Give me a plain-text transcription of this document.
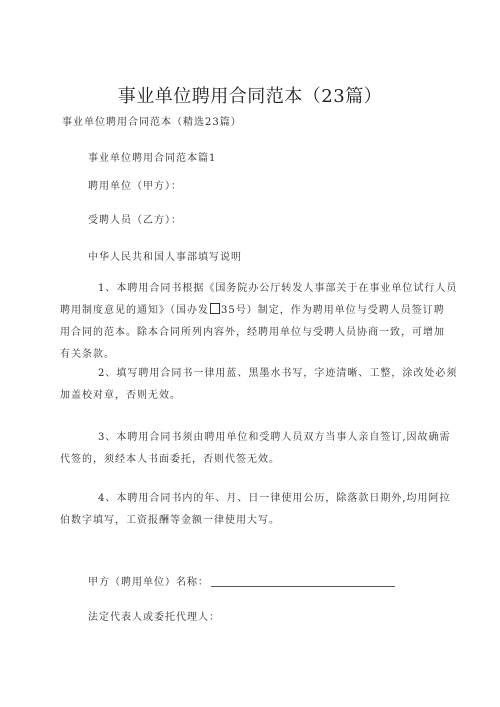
事业单位聘用合同范本（23篇）
事业单位聘用合同范本（精选23篇）
事业单位聘用合同范本篇1
聘用单位（甲方）：
受聘人员（乙方）：
中华人民共和国人事部填写说明
1、本聘用合同书根据《国务院办公厅转发人事部关于在事业单位试行人员
聘用制度意见的通知》（国办发 35号）制定，作为聘用单位与受聘人员签订聘
用合同的范本。除本合同所列内容外，经聘用单位与受聘人员协商一致，可增加
有关条款。
2、填写聘用合同书一律用蓝、黑墨水书写，字迹清晰、工整，涂改处必须
加盖校对章，否则无效。
3、本聘用合同书须由聘用单位和受聘人员双方当事人亲自签订,因故确需
代签的，须经本人书面委托，否则代签无效。
4、本聘用合同书内的年、月、日一律使用公历，除落款日期外,均用阿拉
伯数字填写，工资报酬等金额一律使用大写。
甲方（聘用单位）名称：
法定代表人或委托代理人：
